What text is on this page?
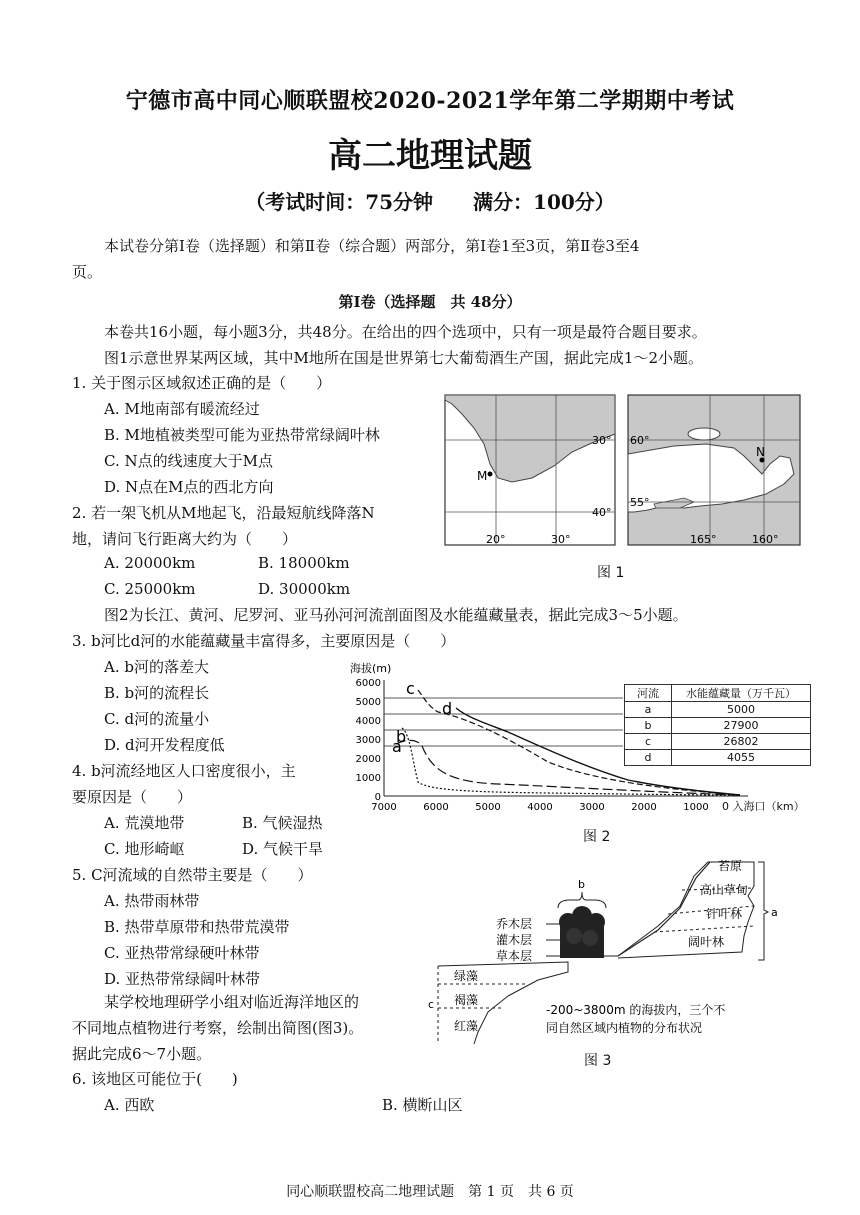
宁德市高中同心顺联盟校2020-2021学年第二学期期中考试
高二地理试题
（考试时间：75分钟　　满分：100分）
本试卷分第Ⅰ卷（选择题）和第Ⅱ卷（综合题）两部分，第Ⅰ卷1至3页，第Ⅱ卷3至4
页。
第Ⅰ卷（选择题　共 48分）
本卷共16小题，每小题3分，共48分。在给出的四个选项中，只有一项是最符合题目要求。
图1示意世界某两区域，其中M地所在国是世界第七大葡萄酒生产国，据此完成1～2小题。
1. 关于图示区域叙述正确的是（　　）
A. M地南部有暖流经过
B. M地植被类型可能为亚热带常绿阔叶林
C. N点的线速度大于M点
D. N点在M点的西北方向
2. 若一架飞机从M地起飞，沿最短航线降落N
地，请问飞行距离大约为（　　）
A. 20000km	B. 18000km
C. 25000km	D. 30000km
M
30°
40°
20°	30°
N
60°
55°
165°	160°
图 1
图2为长江、黄河、尼罗河、亚马孙河河流剖面图及水能蕴藏量表，据此完成3～5小题。
3. b河比d河的水能蕴藏量丰富得多，主要原因是（　　）
A. b河的落差大
B. b河的流程长
C. d河的流量小
D. d河开发程度低
4. b河流经地区人口密度很小，主
要原因是（　　）
A. 荒漠地带	B. 气候湿热
C. 地形崎岖	D. 气候干旱
5. C河流域的自然带主要是（　　）
A. 热带雨林带
B. 热带草原带和热带荒漠带
C. 亚热带常绿硬叶林带
D. 亚热带常绿阔叶林带
海拔(m)
6000
5000
4000
3000
2000
1000
0
7000	6000	5000	4000	3000	2000	1000
a
b
c
d
0 入海口（km）
河流	水能蕴藏量（万千瓦）
a	5000
b	27900
c	26802
d	4055
图 2
某学校地理研学小组对临近海洋地区的
不同地点植物进行考察，绘制出简图(图3)。
据此完成6～7小题。
6. 该地区可能位于(　　)
A. 西欧	B. 横断山区
a
苔原
高山草甸
针叶林
阔叶林
b
乔木层
灌木层
草本层
c
绿藻
褐藻
红藻
-200~3800m 的海拔内，三个不
同自然区域内植物的分布状况
图 3
同心顺联盟校高二地理试题　第 1 页　共 6 页
